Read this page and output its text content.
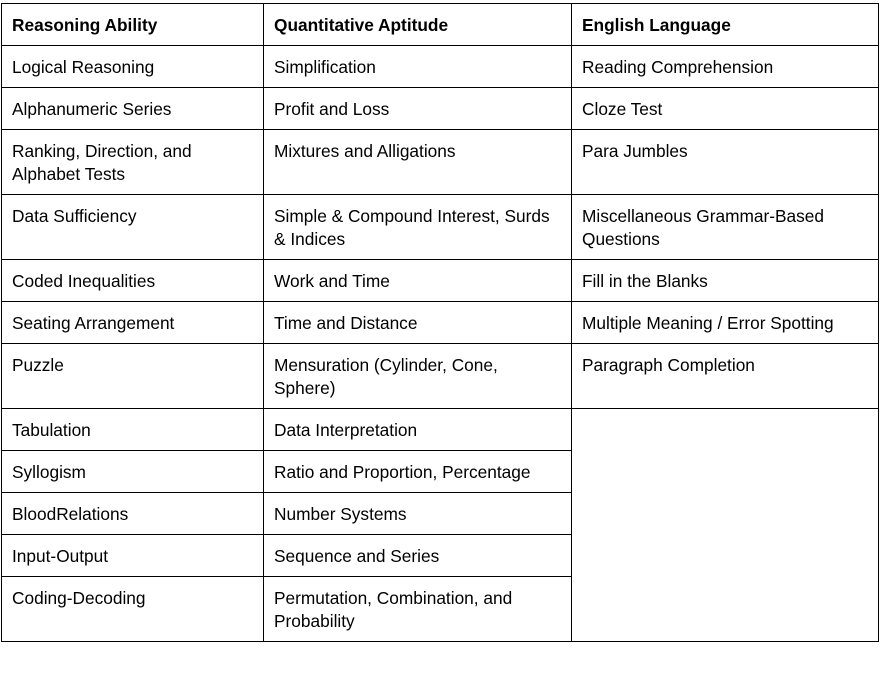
Reasoning Ability	Quantitative Aptitude	English Language
Logical Reasoning	Simplification	Reading Comprehension
Alphanumeric Series	Profit and Loss	Cloze Test
Ranking, Direction, and Alphabet Tests	Mixtures and Alligations	Para Jumbles
Data Sufficiency	Simple & Compound Interest, Surds & Indices	Miscellaneous Grammar-Based Questions
Coded Inequalities	Work and Time	Fill in the Blanks
Seating Arrangement	Time and Distance	Multiple Meaning / Error Spotting
Puzzle	Mensuration (Cylinder, Cone, Sphere)	Paragraph Completion
Tabulation	Data Interpretation	
Syllogism	Ratio and Proportion, Percentage	
BloodRelations	Number Systems	
Input-Output	Sequence and Series	
Coding-Decoding	Permutation, Combination, and Probability	
